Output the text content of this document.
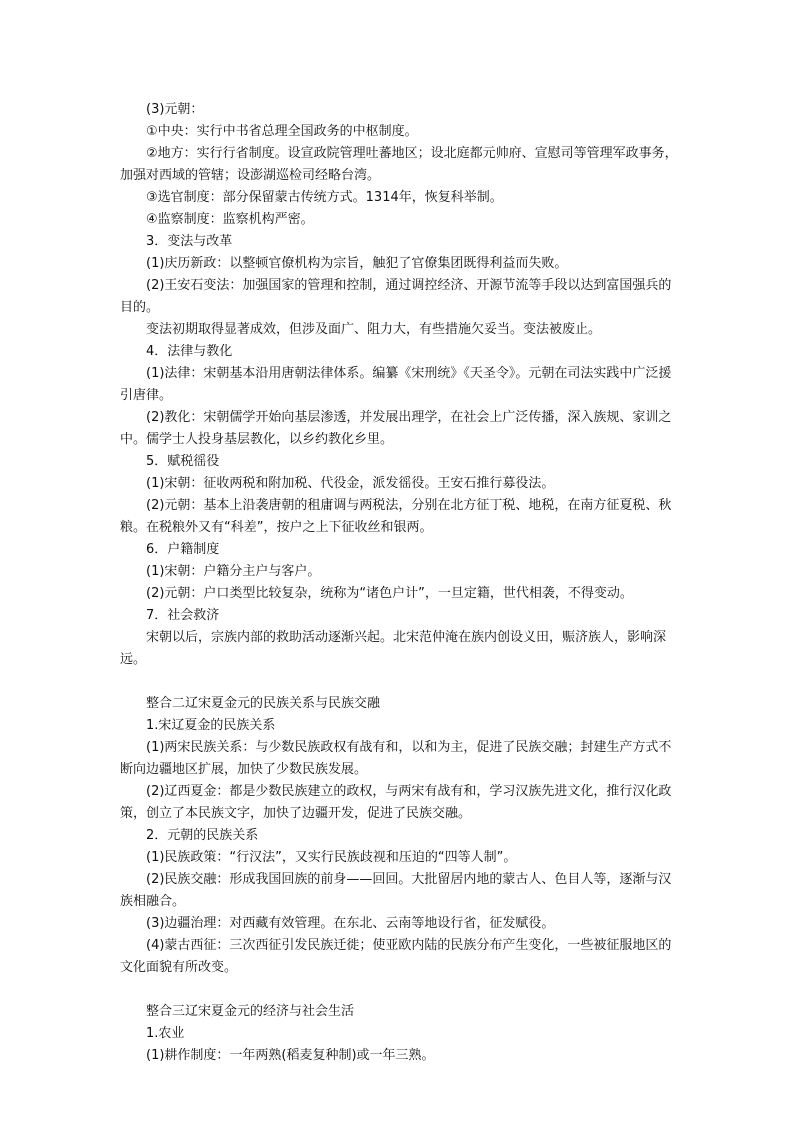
(3)元朝：

①中央：实行中书省总理全国政务的中枢制度。

②地方：实行行省制度。设宣政院管理吐蕃地区；设北庭都元帅府、宣慰司等管理军政事务，加强对西域的管辖；设澎湖巡检司经略台湾。

③选官制度：部分保留蒙古传统方式。1314年，恢复科举制。

④监察制度：监察机构严密。

3．变法与改革

(1)庆历新政：以整顿官僚机构为宗旨，触犯了官僚集团既得利益而失败。

(2)王安石变法：加强国家的管理和控制，通过调控经济、开源节流等手段以达到富国强兵的目的。

变法初期取得显著成效，但涉及面广、阻力大，有些措施欠妥当。变法被废止。

4．法律与教化

(1)法律：宋朝基本沿用唐朝法律体系。编纂《宋刑统》《天圣令》。元朝在司法实践中广泛援引唐律。

(2)教化：宋朝儒学开始向基层渗透，并发展出理学，在社会上广泛传播，深入族规、家训之中。儒学士人投身基层教化，以乡约教化乡里。

5．赋税徭役

(1)宋朝：征收两税和附加税、代役金，派发徭役。王安石推行募役法。

(2)元朝：基本上沿袭唐朝的租庸调与两税法，分别在北方征丁税、地税，在南方征夏税、秋粮。在税粮外又有“科差”，按户之上下征收丝和银两。

6．户籍制度

(1)宋朝：户籍分主户与客户。

(2)元朝：户口类型比较复杂，统称为“诸色户计”，一旦定籍，世代相袭，不得变动。

7．社会救济

宋朝以后，宗族内部的救助活动逐渐兴起。北宋范仲淹在族内创设义田，赈济族人，影响深远。

整合二辽宋夏金元的民族关系与民族交融

1.宋辽夏金的民族关系

(1)两宋民族关系：与少数民族政权有战有和，以和为主，促进了民族交融；封建生产方式不断向边疆地区扩展，加快了少数民族发展。

(2)辽西夏金：都是少数民族建立的政权，与两宋有战有和，学习汉族先进文化，推行汉化政策，创立了本民族文字，加快了边疆开发，促进了民族交融。

2．元朝的民族关系

(1)民族政策：“行汉法”，又实行民族歧视和压迫的“四等人制”。

(2)民族交融：形成我国回族的前身——回回。大批留居内地的蒙古人、色目人等，逐渐与汉族相融合。

(3)边疆治理：对西藏有效管理。在东北、云南等地设行省，征发赋役。

(4)蒙古西征：三次西征引发民族迁徙；使亚欧内陆的民族分布产生变化，一些被征服地区的文化面貌有所改变。

整合三辽宋夏金元的经济与社会生活

1.农业

(1)耕作制度：一年两熟(稻麦复种制)或一年三熟。
